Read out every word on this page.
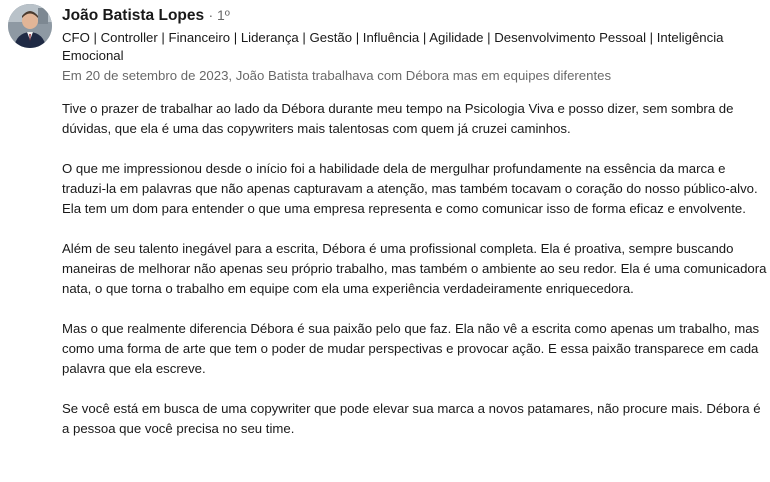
João Batista Lopes · 1º
CFO | Controller | Financeiro | Liderança | Gestão | Influência | Agilidade | Desenvolvimento Pessoal | Inteligência Emocional
Em 20 de setembro de 2023, João Batista trabalhava com Débora mas em equipes diferentes

Tive o prazer de trabalhar ao lado da Débora durante meu tempo na Psicologia Viva e posso dizer, sem sombra de dúvidas, que ela é uma das copywriters mais talentosas com quem já cruzei caminhos.

O que me impressionou desde o início foi a habilidade dela de mergulhar profundamente na essência da marca e traduzi-la em palavras que não apenas capturavam a atenção, mas também tocavam o coração do nosso público-alvo. Ela tem um dom para entender o que uma empresa representa e como comunicar isso de forma eficaz e envolvente.

Além de seu talento inegável para a escrita, Débora é uma profissional completa. Ela é proativa, sempre buscando maneiras de melhorar não apenas seu próprio trabalho, mas também o ambiente ao seu redor. Ela é uma comunicadora nata, o que torna o trabalho em equipe com ela uma experiência verdadeiramente enriquecedora.

Mas o que realmente diferencia Débora é sua paixão pelo que faz. Ela não vê a escrita como apenas um trabalho, mas como uma forma de arte que tem o poder de mudar perspectivas e provocar ação. E essa paixão transparece em cada palavra que ela escreve.

Se você está em busca de uma copywriter que pode elevar sua marca a novos patamares, não procure mais. Débora é a pessoa que você precisa no seu time.
